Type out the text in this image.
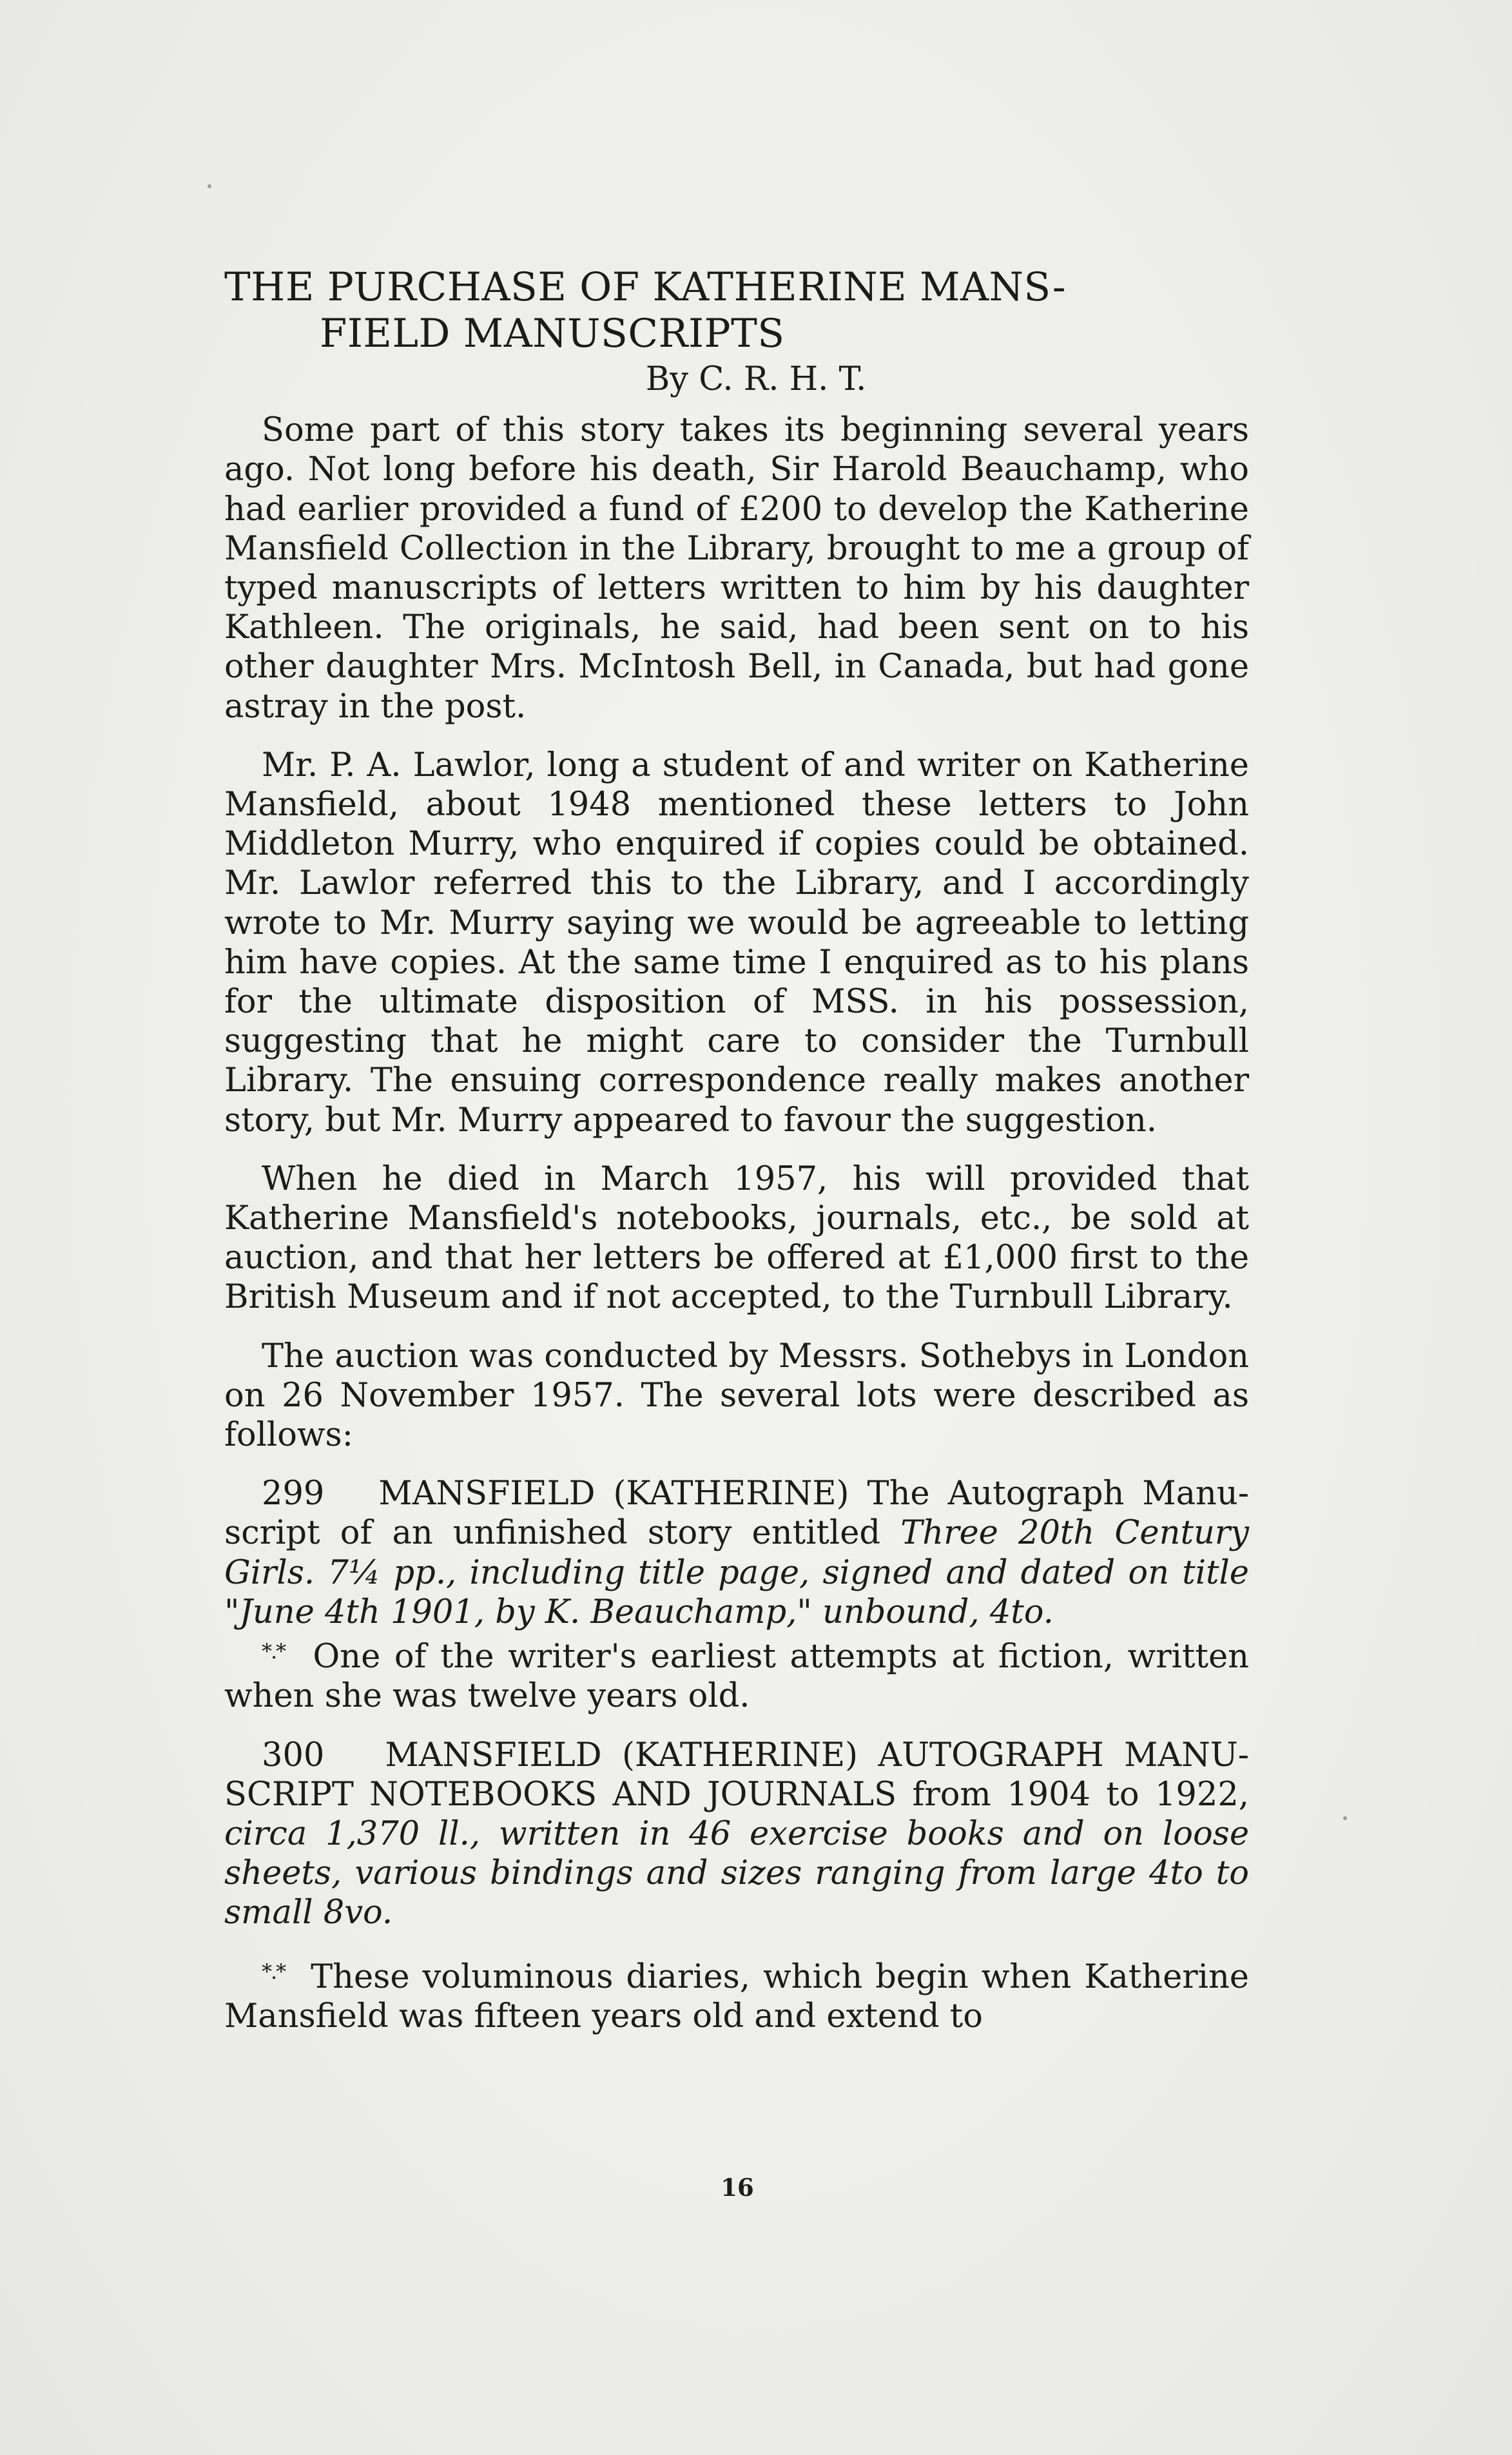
THE PURCHASE OF KATHERINE MANS-
FIELD MANUSCRIPTS
By C. R. H. T.

Some part of this story takes its beginning several years ago. Not long before his death, Sir Harold Beauchamp, who had earlier provided a fund of £200 to develop the Katherine Mansfield Collection in the Library, brought to me a group of typed manuscripts of letters written to him by his daughter Kathleen. The originals, he said, had been sent on to his other daughter Mrs. McIntosh Bell, in Canada, but had gone astray in the post.

Mr. P. A. Lawlor, long a student of and writer on Katherine Mansfield, about 1948 mentioned these letters to John Middleton Murry, who enquired if copies could be obtained. Mr. Lawlor referred this to the Library, and I accordingly wrote to Mr. Murry saying we would be agreeable to letting him have copies. At the same time I enquired as to his plans for the ultimate disposition of MSS. in his possession, suggesting that he might care to consider the Turnbull Library. The ensuing correspondence really makes another story, but Mr. Murry appeared to favour the suggestion.

When he died in March 1957, his will provided that Katherine Mansfield's notebooks, journals, etc., be sold at auction, and that her letters be offered at £1,000 first to the British Museum and if not accepted, to the Turnbull Library.

The auction was conducted by Messrs. Sothebys in London on 26 November 1957. The several lots were described as follows:

299 MANSFIELD (KATHERINE) The Autograph Manuscript of an unfinished story entitled Three 20th Century Girls. 7¼ pp., including title page, signed and dated on title "June 4th 1901, by K. Beauchamp," unbound, 4to.

*.* One of the writer's earliest attempts at fiction, written when she was twelve years old.

300 MANSFIELD (KATHERINE) AUTOGRAPH MANUSCRIPT NOTEBOOKS AND JOURNALS from 1904 to 1922, circa 1,370 ll., written in 46 exercise books and on loose sheets, various bindings and sizes ranging from large 4to to small 8vo.

*.* These voluminous diaries, which begin when Katherine Mansfield was fifteen years old and extend to

16
